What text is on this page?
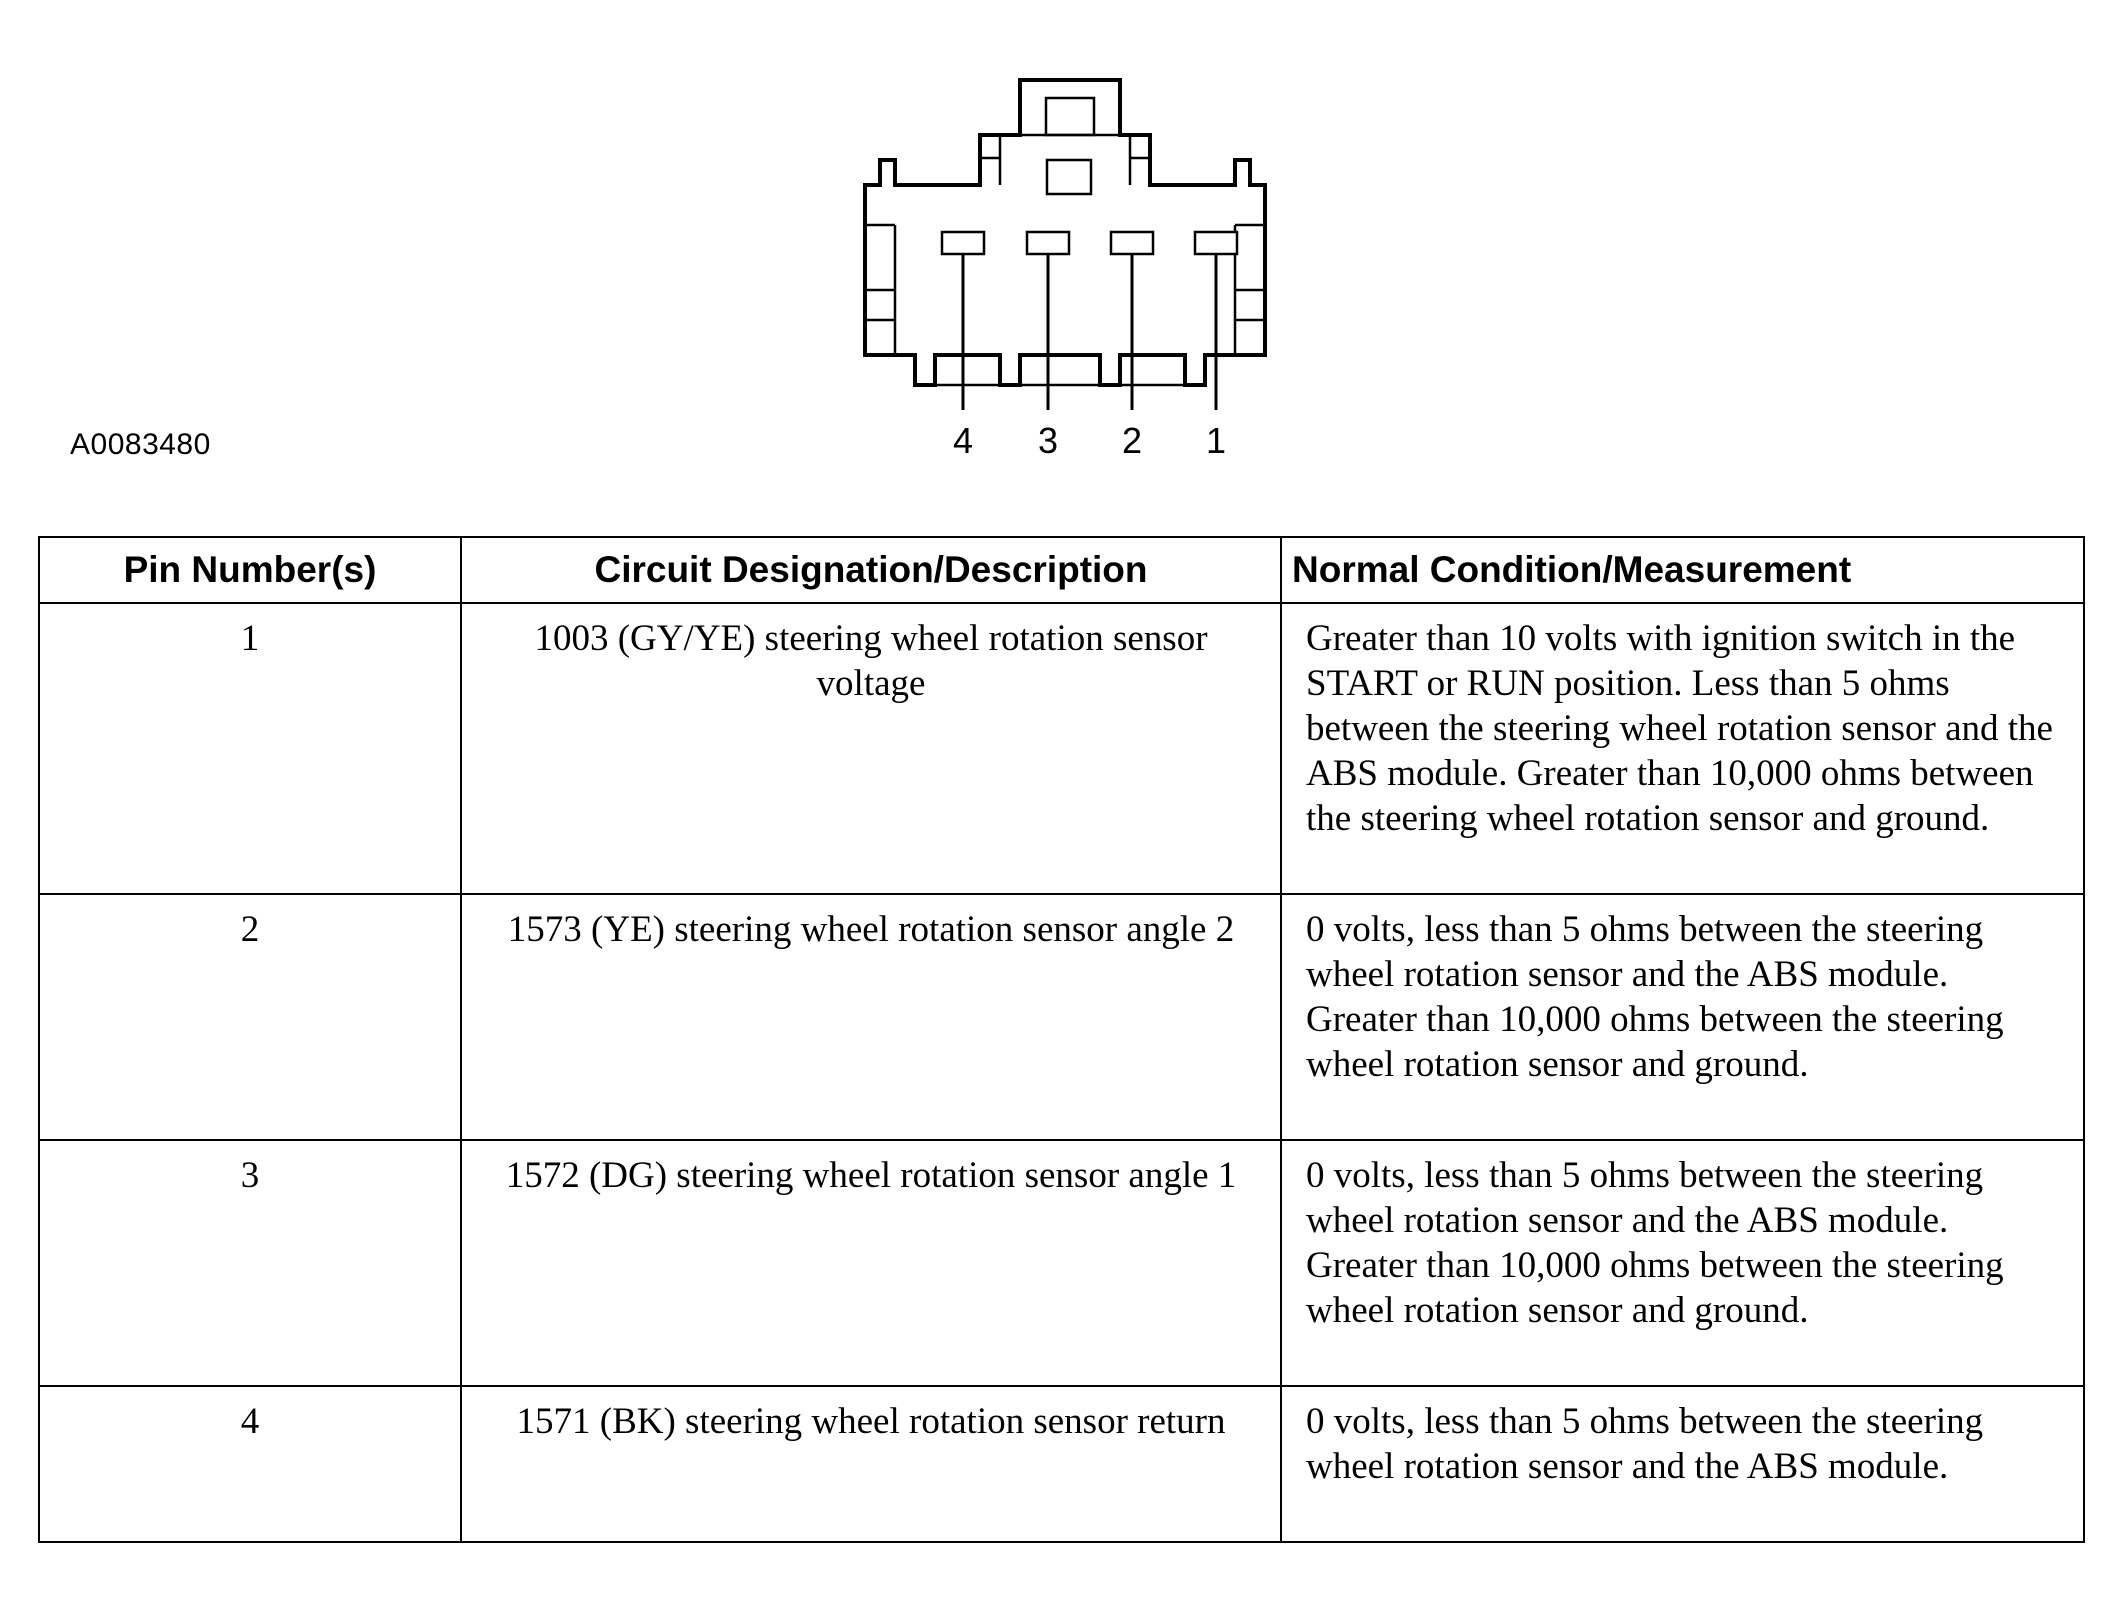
4 3 2 1
A0083480
Pin Number(s)	Circuit Designation/Description	Normal Condition/Measurement
1	1003 (GY/YE) steering wheel rotation sensor voltage	Greater than 10 volts with ignition switch in the START or RUN position. Less than 5 ohms between the steering wheel rotation sensor and the ABS module. Greater than 10,000 ohms between the steering wheel rotation sensor and ground.
2	1573 (YE) steering wheel rotation sensor angle 2	0 volts, less than 5 ohms between the steering wheel rotation sensor and the ABS module. Greater than 10,000 ohms between the steering wheel rotation sensor and ground.
3	1572 (DG) steering wheel rotation sensor angle 1	0 volts, less than 5 ohms between the steering wheel rotation sensor and the ABS module. Greater than 10,000 ohms between the steering wheel rotation sensor and ground.
4	1571 (BK) steering wheel rotation sensor return	0 volts, less than 5 ohms between the steering wheel rotation sensor and the ABS module.
